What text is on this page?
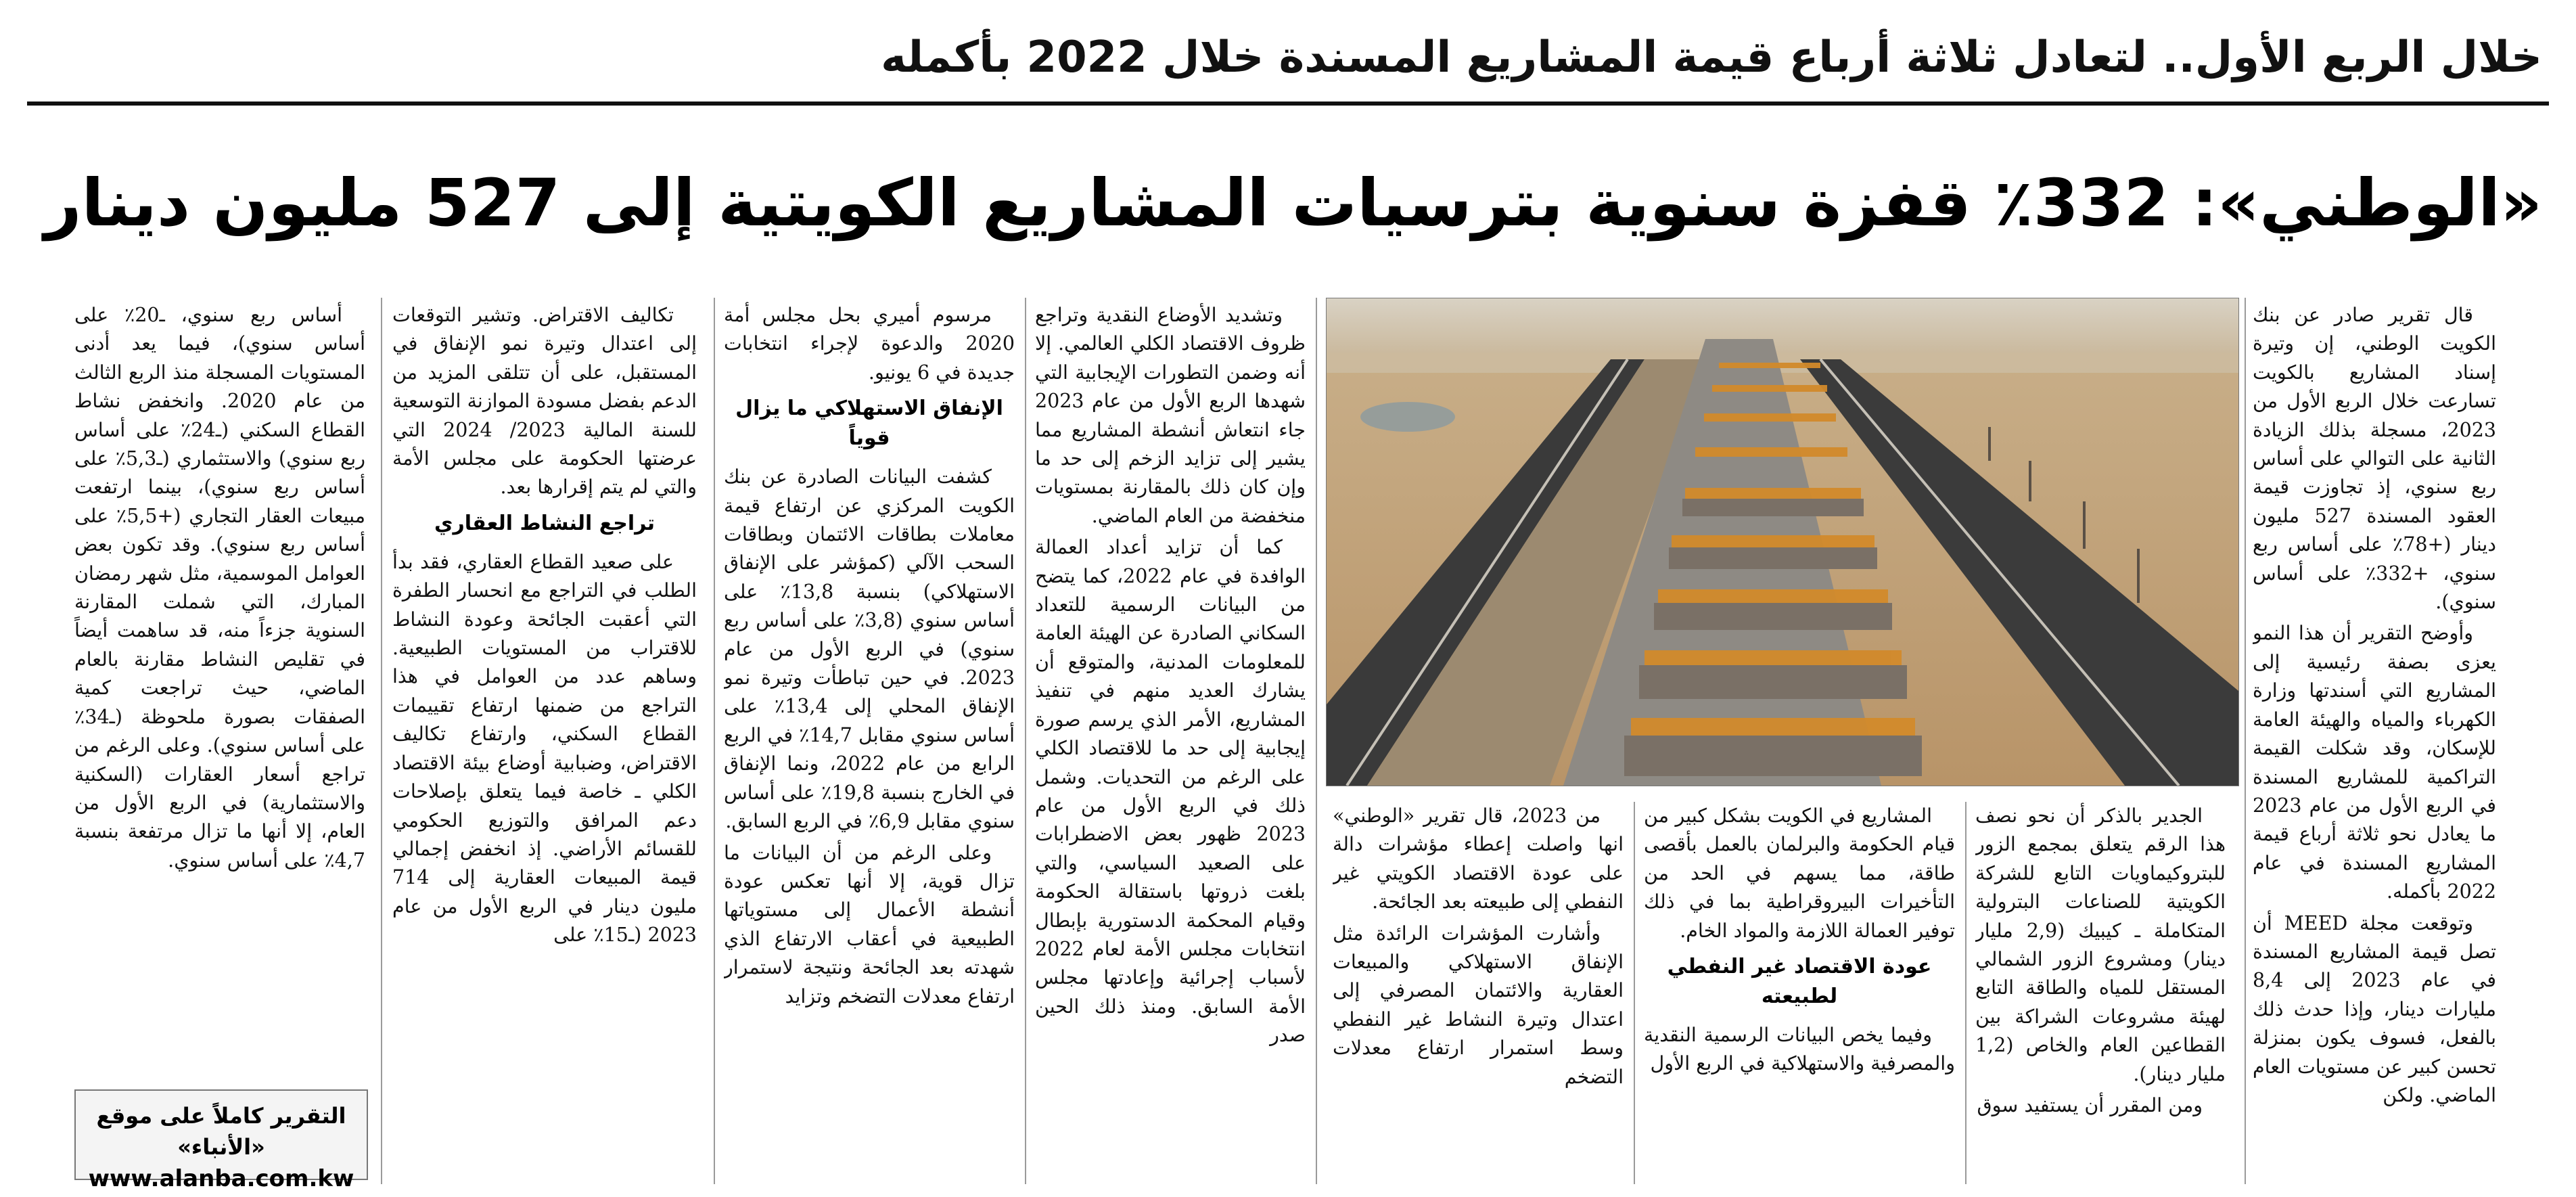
خلال الربع الأول.. لتعادل ثلاثة أرباع قيمة المشاريع المسندة خلال 2022 بأكمله
«الوطني»: 332٪ قفزة سنوية بترسيات المشاريع الكويتية إلى 527 مليون دينار

قال تقرير صادر عن بنك الكويت الوطني، إن وتيرة إسناد المشاريع بالكويت تسارعت خلال الربع الأول من 2023، مسجلة بذلك الزيادة الثانية على التوالي على أساس ربع سنوي، إذ تجاوزت قيمة العقود المسندة 527 مليون دينار (+78٪ على أساس ربع سنوي، +332٪ على أساس سنوي).

وأوضح التقرير أن هذا النمو يعزى بصفة رئيسية إلى المشاريع التي أسندتها وزارة الكهرباء والمياه والهيئة العامة للإسكان، وقد شكلت القيمة التراكمية للمشاريع المسندة في الربع الأول من عام 2023 ما يعادل نحو ثلاثة أرباع قيمة المشاريع المسندة في عام 2022 بأكمله.

وتوقعت مجلة MEED أن تصل قيمة المشاريع المسندة في عام 2023 إلى 8,4 مليارات دينار، وإذا حدث ذلك بالفعل، فسوف يكون بمنزلة تحسن كبير عن مستويات العام الماضي. ولكن

الجدير بالذكر أن نحو نصف هذا الرقم يتعلق بمجمع الزور للبتروكيماويات التابع للشركة الكويتية للصناعات البترولية المتكاملة ـ كيبيك (2,9 مليار دينار) ومشروع الزور الشمالي المستقل للمياه والطاقة التابع لهيئة مشروعات الشراكة بين القطاعين العام والخاص (1,2 مليار دينار).

ومن المقرر أن يستفيد سوق

المشاريع في الكويت بشكل كبير من قيام الحكومة والبرلمان بالعمل بأقصى طاقة، مما يسهم في الحد من التأخيرات البيروقراطية بما في ذلك توفير العمالة اللازمة والمواد الخام.

عودة الاقتصاد غير النفطي لطبيعته

وفيما يخص البيانات الرسمية النقدية والمصرفية والاستهلاكية في الربع الأول

من 2023، قال تقرير «الوطني» انها واصلت إعطاء مؤشرات دالة على عودة الاقتصاد الكويتي غير النفطي إلى طبيعته بعد الجائحة.

وأشارت المؤشرات الرائدة مثل الإنفاق الاستهلاكي والمبيعات العقارية والائتمان المصرفي إلى اعتدال وتيرة النشاط غير النفطي وسط استمرار ارتفاع معدلات التضخم

وتشديد الأوضاع النقدية وتراجع ظروف الاقتصاد الكلي العالمي. إلا أنه وضمن التطورات الإيجابية التي شهدها الربع الأول من عام 2023 جاء انتعاش أنشطة المشاريع مما يشير إلى تزايد الزخم إلى حد ما وإن كان ذلك بالمقارنة بمستويات منخفضة من العام الماضي.

كما أن تزايد أعداد العمالة الوافدة في عام 2022، كما يتضح من البيانات الرسمية للتعداد السكاني الصادرة عن الهيئة العامة للمعلومات المدنية، والمتوقع أن يشارك العديد منهم في تنفيذ المشاريع، الأمر الذي يرسم صورة إيجابية إلى حد ما للاقتصاد الكلي على الرغم من التحديات. وشمل ذلك في الربع الأول من عام 2023 ظهور بعض الاضطرابات على الصعيد السياسي، والتي بلغت ذروتها باستقالة الحكومة وقيام المحكمة الدستورية بإبطال انتخابات مجلس الأمة لعام 2022 لأسباب إجرائية وإعادتها مجلس الأمة السابق. ومنذ ذلك الحين صدر

مرسوم أميري بحل مجلس أمة 2020 والدعوة لإجراء انتخابات جديدة في 6 يونيو.

الإنفاق الاستهلاكي ما يزال قوياً

كشفت البيانات الصادرة عن بنك الكويت المركزي عن ارتفاع قيمة معاملات بطاقات الائتمان وبطاقات السحب الآلي (كمؤشر على الإنفاق الاستهلاكي) بنسبة 13,8٪ على أساس سنوي (3,8٪ على أساس ربع سنوي) في الربع الأول من عام 2023. في حين تباطأت وتيرة نمو الإنفاق المحلي إلى 13,4٪ على أساس سنوي مقابل 14,7٪ في الربع الرابع من عام 2022، ونما الإنفاق في الخارج بنسبة 19,8٪ على أساس سنوي مقابل 6,9٪ في الربع السابق.

وعلى الرغم من أن البيانات ما تزال قوية، إلا أنها تعكس عودة أنشطة الأعمال إلى مستوياتها الطبيعية في أعقاب الارتفاع الذي شهدته بعد الجائحة ونتيجة لاستمرار ارتفاع معدلات التضخم وتزايد

تكاليف الاقتراض. وتشير التوقعات إلى اعتدال وتيرة نمو الإنفاق في المستقبل، على أن تتلقى المزيد من الدعم بفضل مسودة الموازنة التوسعية للسنة المالية 2023/ 2024 التي عرضتها الحكومة على مجلس الأمة والتي لم يتم إقرارها بعد.

تراجع النشاط العقاري

على صعيد القطاع العقاري، فقد بدأ الطلب في التراجع مع انحسار الطفرة التي أعقبت الجائحة وعودة النشاط للاقتراب من المستويات الطبيعية. وساهم عدد من العوامل في هذا التراجع من ضمنها ارتفاع تقييمات القطاع السكني، وارتفاع تكاليف الاقتراض، وضبابية أوضاع بيئة الاقتصاد الكلي ـ خاصة فيما يتعلق بإصلاحات دعم المرافق والتوزيع الحكومي للقسائم الأراضي. إذ انخفض إجمالي قيمة المبيعات العقارية إلى 714 مليون دينار في الربع الأول من عام 2023 (ـ15٪ على

أساس ربع سنوي، ـ20٪ على أساس سنوي)، فيما يعد أدنى المستويات المسجلة منذ الربع الثالث من عام 2020. وانخفض نشاط القطاع السكني (ـ24٪ على أساس ربع سنوي) والاستثماري (ـ5,3٪ على أساس ربع سنوي)، بينما ارتفعت مبيعات العقار التجاري (+5,5٪ على أساس ربع سنوي). وقد تكون بعض العوامل الموسمية، مثل شهر رمضان المبارك، التي شملت المقارنة السنوية جزءاً منه، قد ساهمت أيضاً في تقليص النشاط مقارنة بالعام الماضي، حيث تراجعت كمية الصفقات بصورة ملحوظة (ـ34٪ على أساس سنوي). وعلى الرغم من تراجع أسعار العقارات (السكنية والاستثمارية) في الربع الأول من العام، إلا أنها ما تزال مرتفعة بنسبة 4,7٪ على أساس سنوي.

التقرير كاملاً على موقع «الأنباء»
www.alanba.com.kw
